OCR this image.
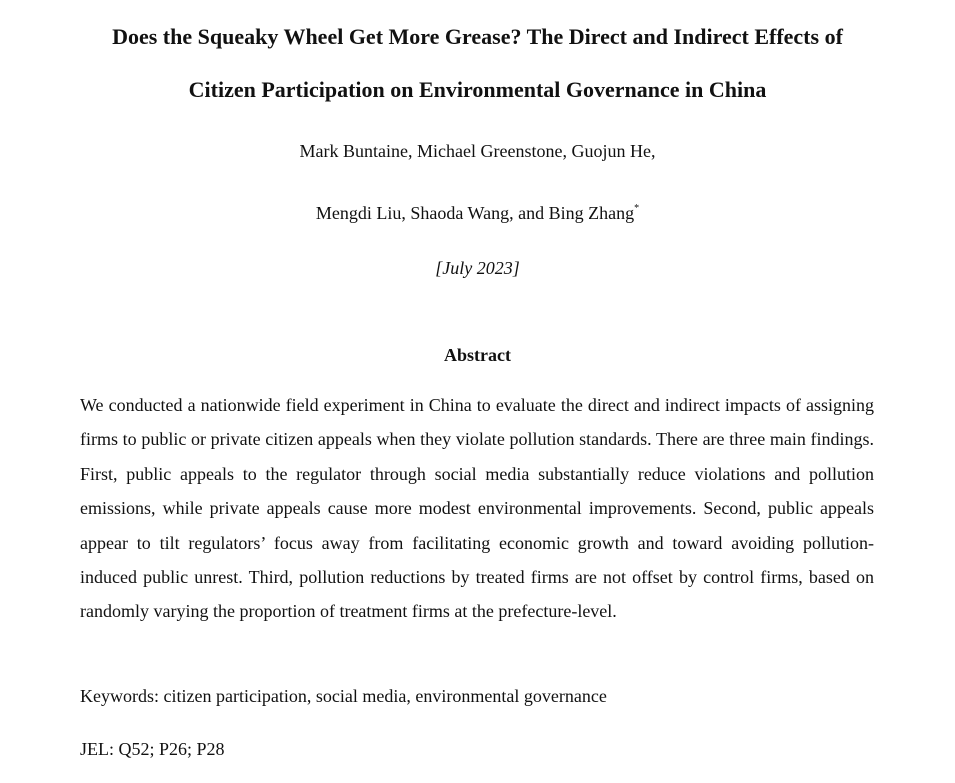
Does the Squeaky Wheel Get More Grease? The Direct and Indirect Effects of
Citizen Participation on Environmental Governance in China
Mark Buntaine, Michael Greenstone, Guojun He,
Mengdi Liu, Shaoda Wang, and Bing Zhang*
[July 2023]
Abstract

We conducted a nationwide field experiment in China to evaluate the direct and indirect impacts of assigning firms to public or private citizen appeals when they violate pollution standards. There are three main findings. First, public appeals to the regulator through social media substantially reduce violations and pollution emissions, while private appeals cause more modest environmental improvements. Second, public appeals appear to tilt regulators’ focus away from facilitating economic growth and toward avoiding pollution-induced public unrest. Third, pollution reductions by treated firms are not offset by control firms, based on randomly varying the proportion of treatment firms at the prefecture-level.

Keywords: citizen participation, social media, environmental governance

JEL: Q52; P26; P28
